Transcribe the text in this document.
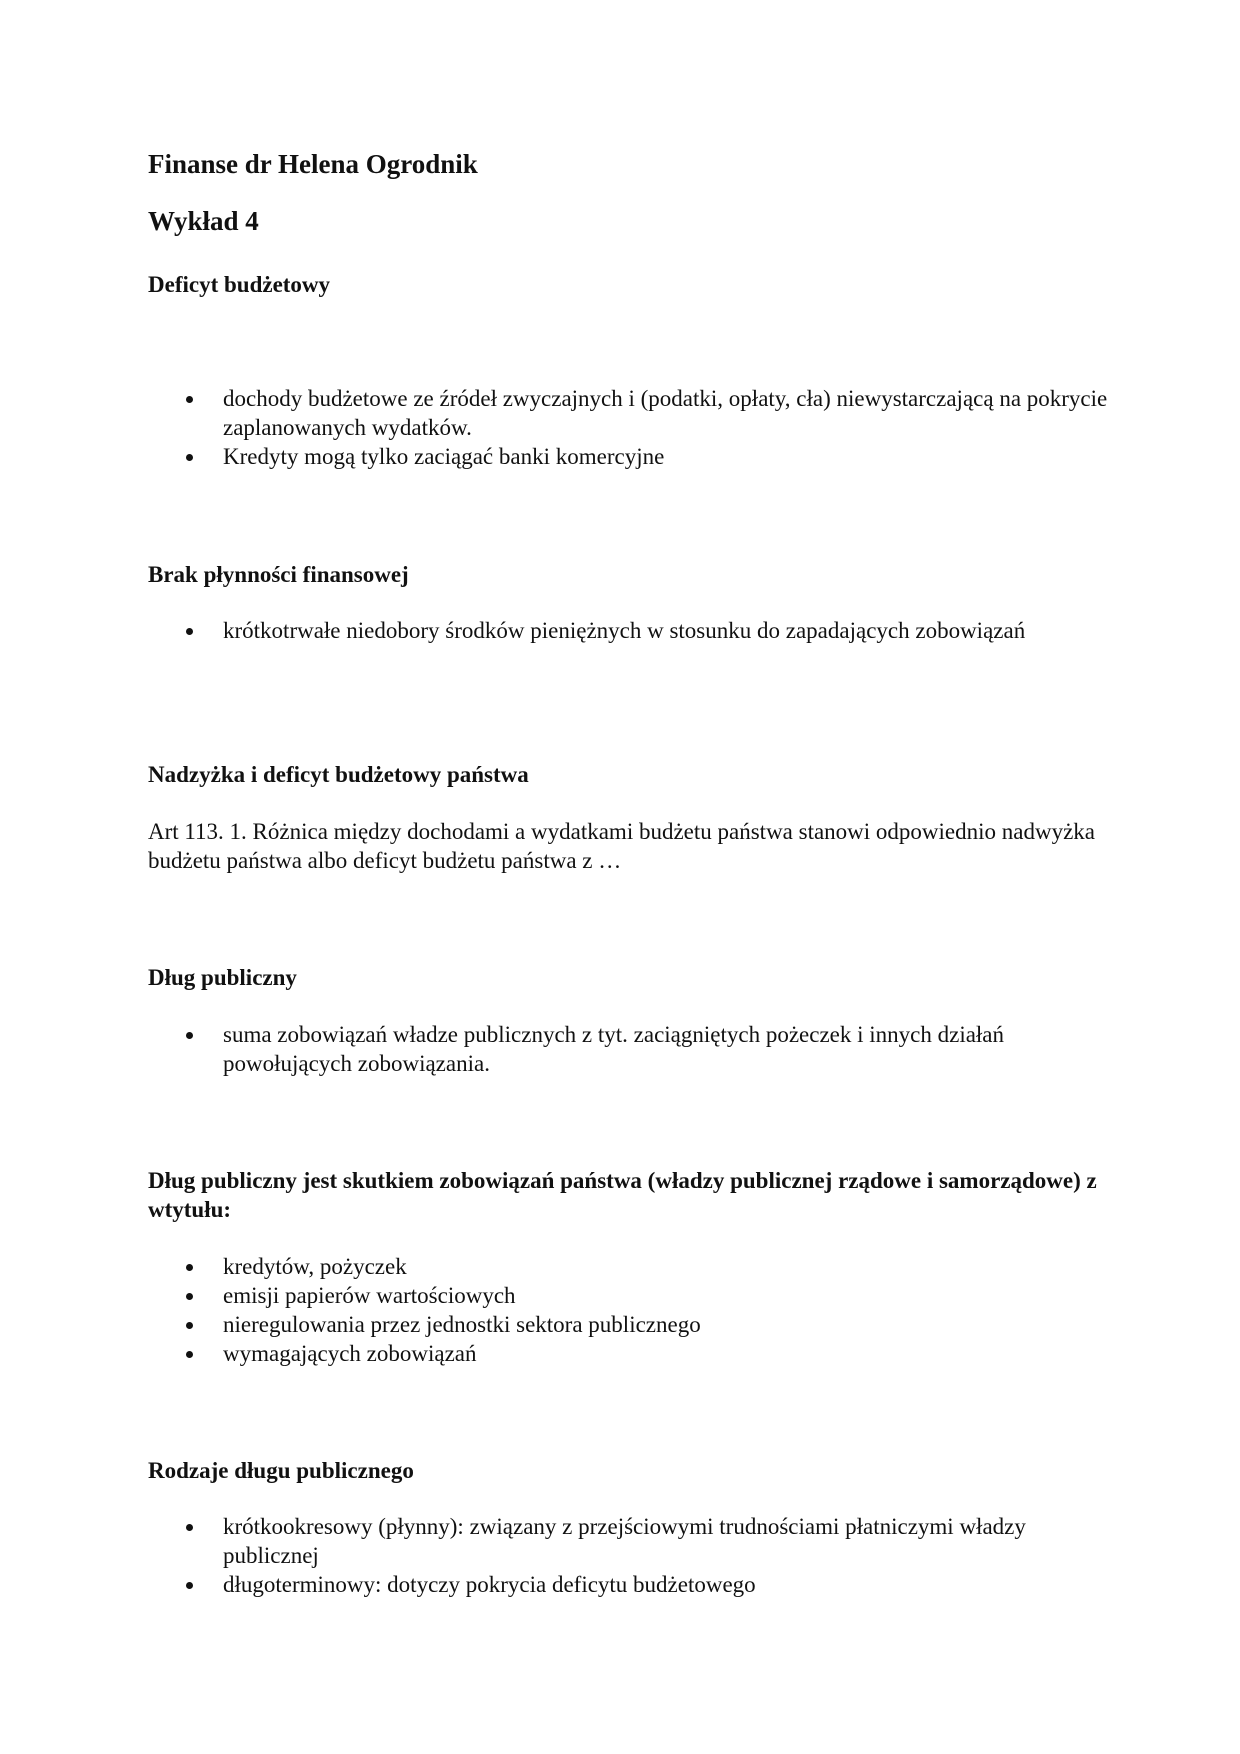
Finanse dr Helena Ogrodnik
Wykład 4
Deficyt budżetowy
dochody budżetowe ze źródeł zwyczajnych i (podatki, opłaty, cła) niewystarczającą na pokrycie zaplanowanych wydatków.
Kredyty mogą tylko zaciągać banki komercyjne
Brak płynności finansowej
krótkotrwałe niedobory środków pieniężnych w stosunku do zapadających zobowiązań
Nadzyżka i deficyt budżetowy państwa

Art 113. 1. Różnica między dochodami a wydatkami budżetu państwa stanowi odpowiednio nadwyżka budżetu państwa albo deficyt budżetu państwa z …

Dług publiczny
suma zobowiązań władze publicznych z tyt. zaciągniętych pożeczek i innych działań powołujących zobowiązania.
Dług publiczny jest skutkiem zobowiązań państwa (władzy publicznej rządowe i samorządowe) z wtytułu:
kredytów, pożyczek
emisji papierów wartościowych
nieregulowania przez jednostki sektora publicznego
wymagających zobowiązań
Rodzaje długu publicznego
krótkookresowy (płynny): związany z przejściowymi trudnościami płatniczymi władzy publicznej
długoterminowy: dotyczy pokrycia deficytu budżetowego
